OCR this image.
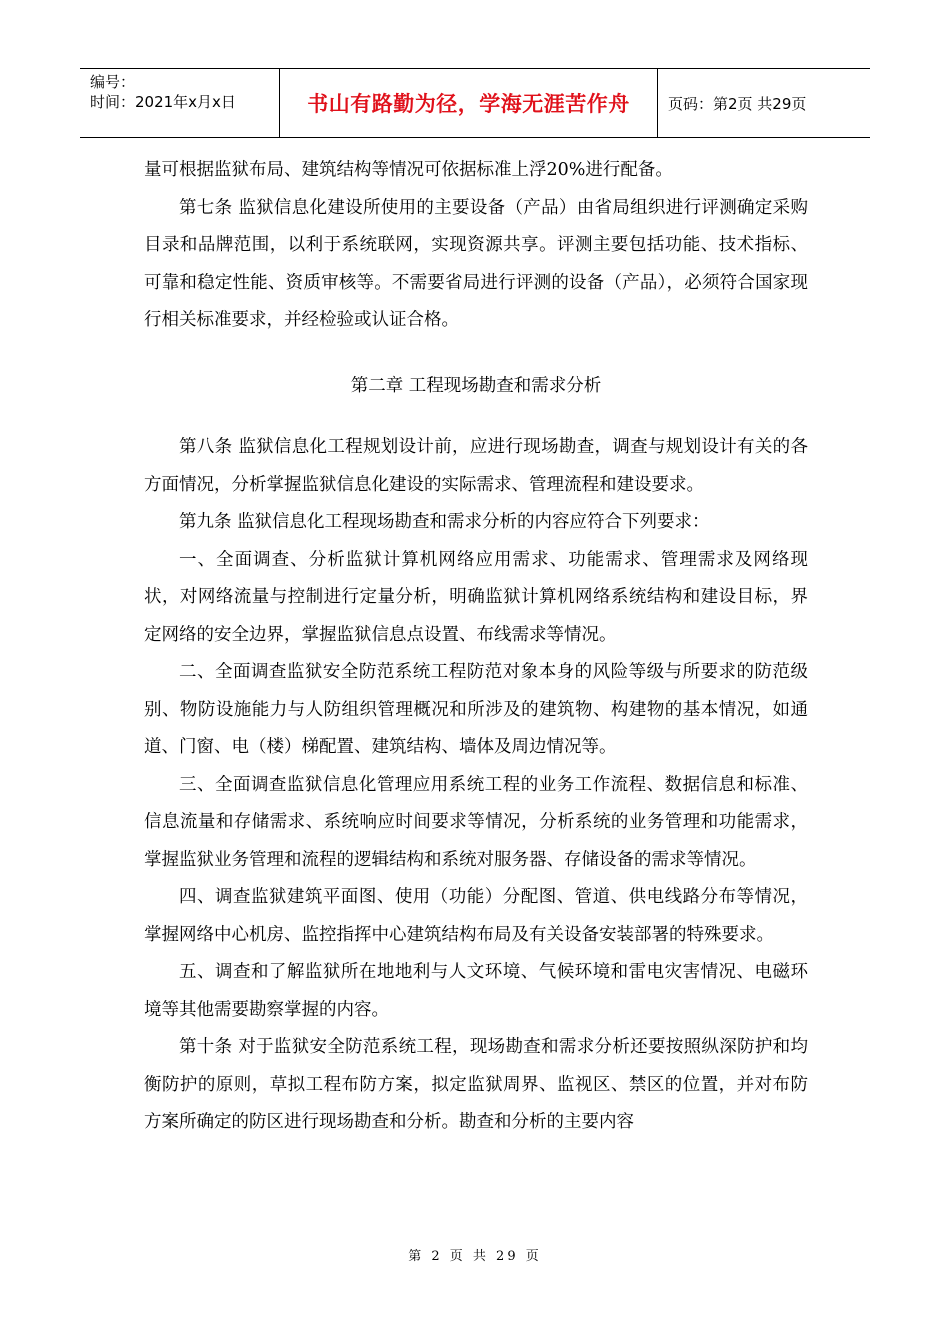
编号：
时间：2021年x月x日	书山有路勤为径，学海无涯苦作舟	页码：第2页 共29页

量可根据监狱布局、建筑结构等情况可依据标准上浮20%进行配备。

第七条 监狱信息化建设所使用的主要设备（产品）由省局组织进行评测确定采购目录和品牌范围，以利于系统联网，实现资源共享。评测主要包括功能、技术指标、可靠和稳定性能、资质审核等。不需要省局进行评测的设备（产品），必须符合国家现行相关标准要求，并经检验或认证合格。

第二章 工程现场勘查和需求分析

第八条 监狱信息化工程规划设计前，应进行现场勘查，调查与规划设计有关的各方面情况，分析掌握监狱信息化建设的实际需求、管理流程和建设要求。

第九条 监狱信息化工程现场勘查和需求分析的内容应符合下列要求：

一、全面调查、分析监狱计算机网络应用需求、功能需求、管理需求及网络现状，对网络流量与控制进行定量分析，明确监狱计算机网络系统结构和建设目标，界定网络的安全边界，掌握监狱信息点设置、布线需求等情况。

二、全面调查监狱安全防范系统工程防范对象本身的风险等级与所要求的防范级别、物防设施能力与人防组织管理概况和所涉及的建筑物、构建物的基本情况，如通道、门窗、电（楼）梯配置、建筑结构、墙体及周边情况等。

三、全面调查监狱信息化管理应用系统工程的业务工作流程、数据信息和标准、信息流量和存储需求、系统响应时间要求等情况，分析系统的业务管理和功能需求，掌握监狱业务管理和流程的逻辑结构和系统对服务器、存储设备的需求等情况。

四、调查监狱建筑平面图、使用（功能）分配图、管道、供电线路分布等情况，掌握网络中心机房、监控指挥中心建筑结构布局及有关设备安装部署的特殊要求。

五、调查和了解监狱所在地地利与人文环境、气候环境和雷电灾害情况、电磁环境等其他需要勘察掌握的内容。

第十条 对于监狱安全防范系统工程，现场勘查和需求分析还要按照纵深防护和均衡防护的原则，草拟工程布防方案，拟定监狱周界、监视区、禁区的位置，并对布防方案所确定的防区进行现场勘查和分析。勘查和分析的主要内容

第 2 页 共 29 页
